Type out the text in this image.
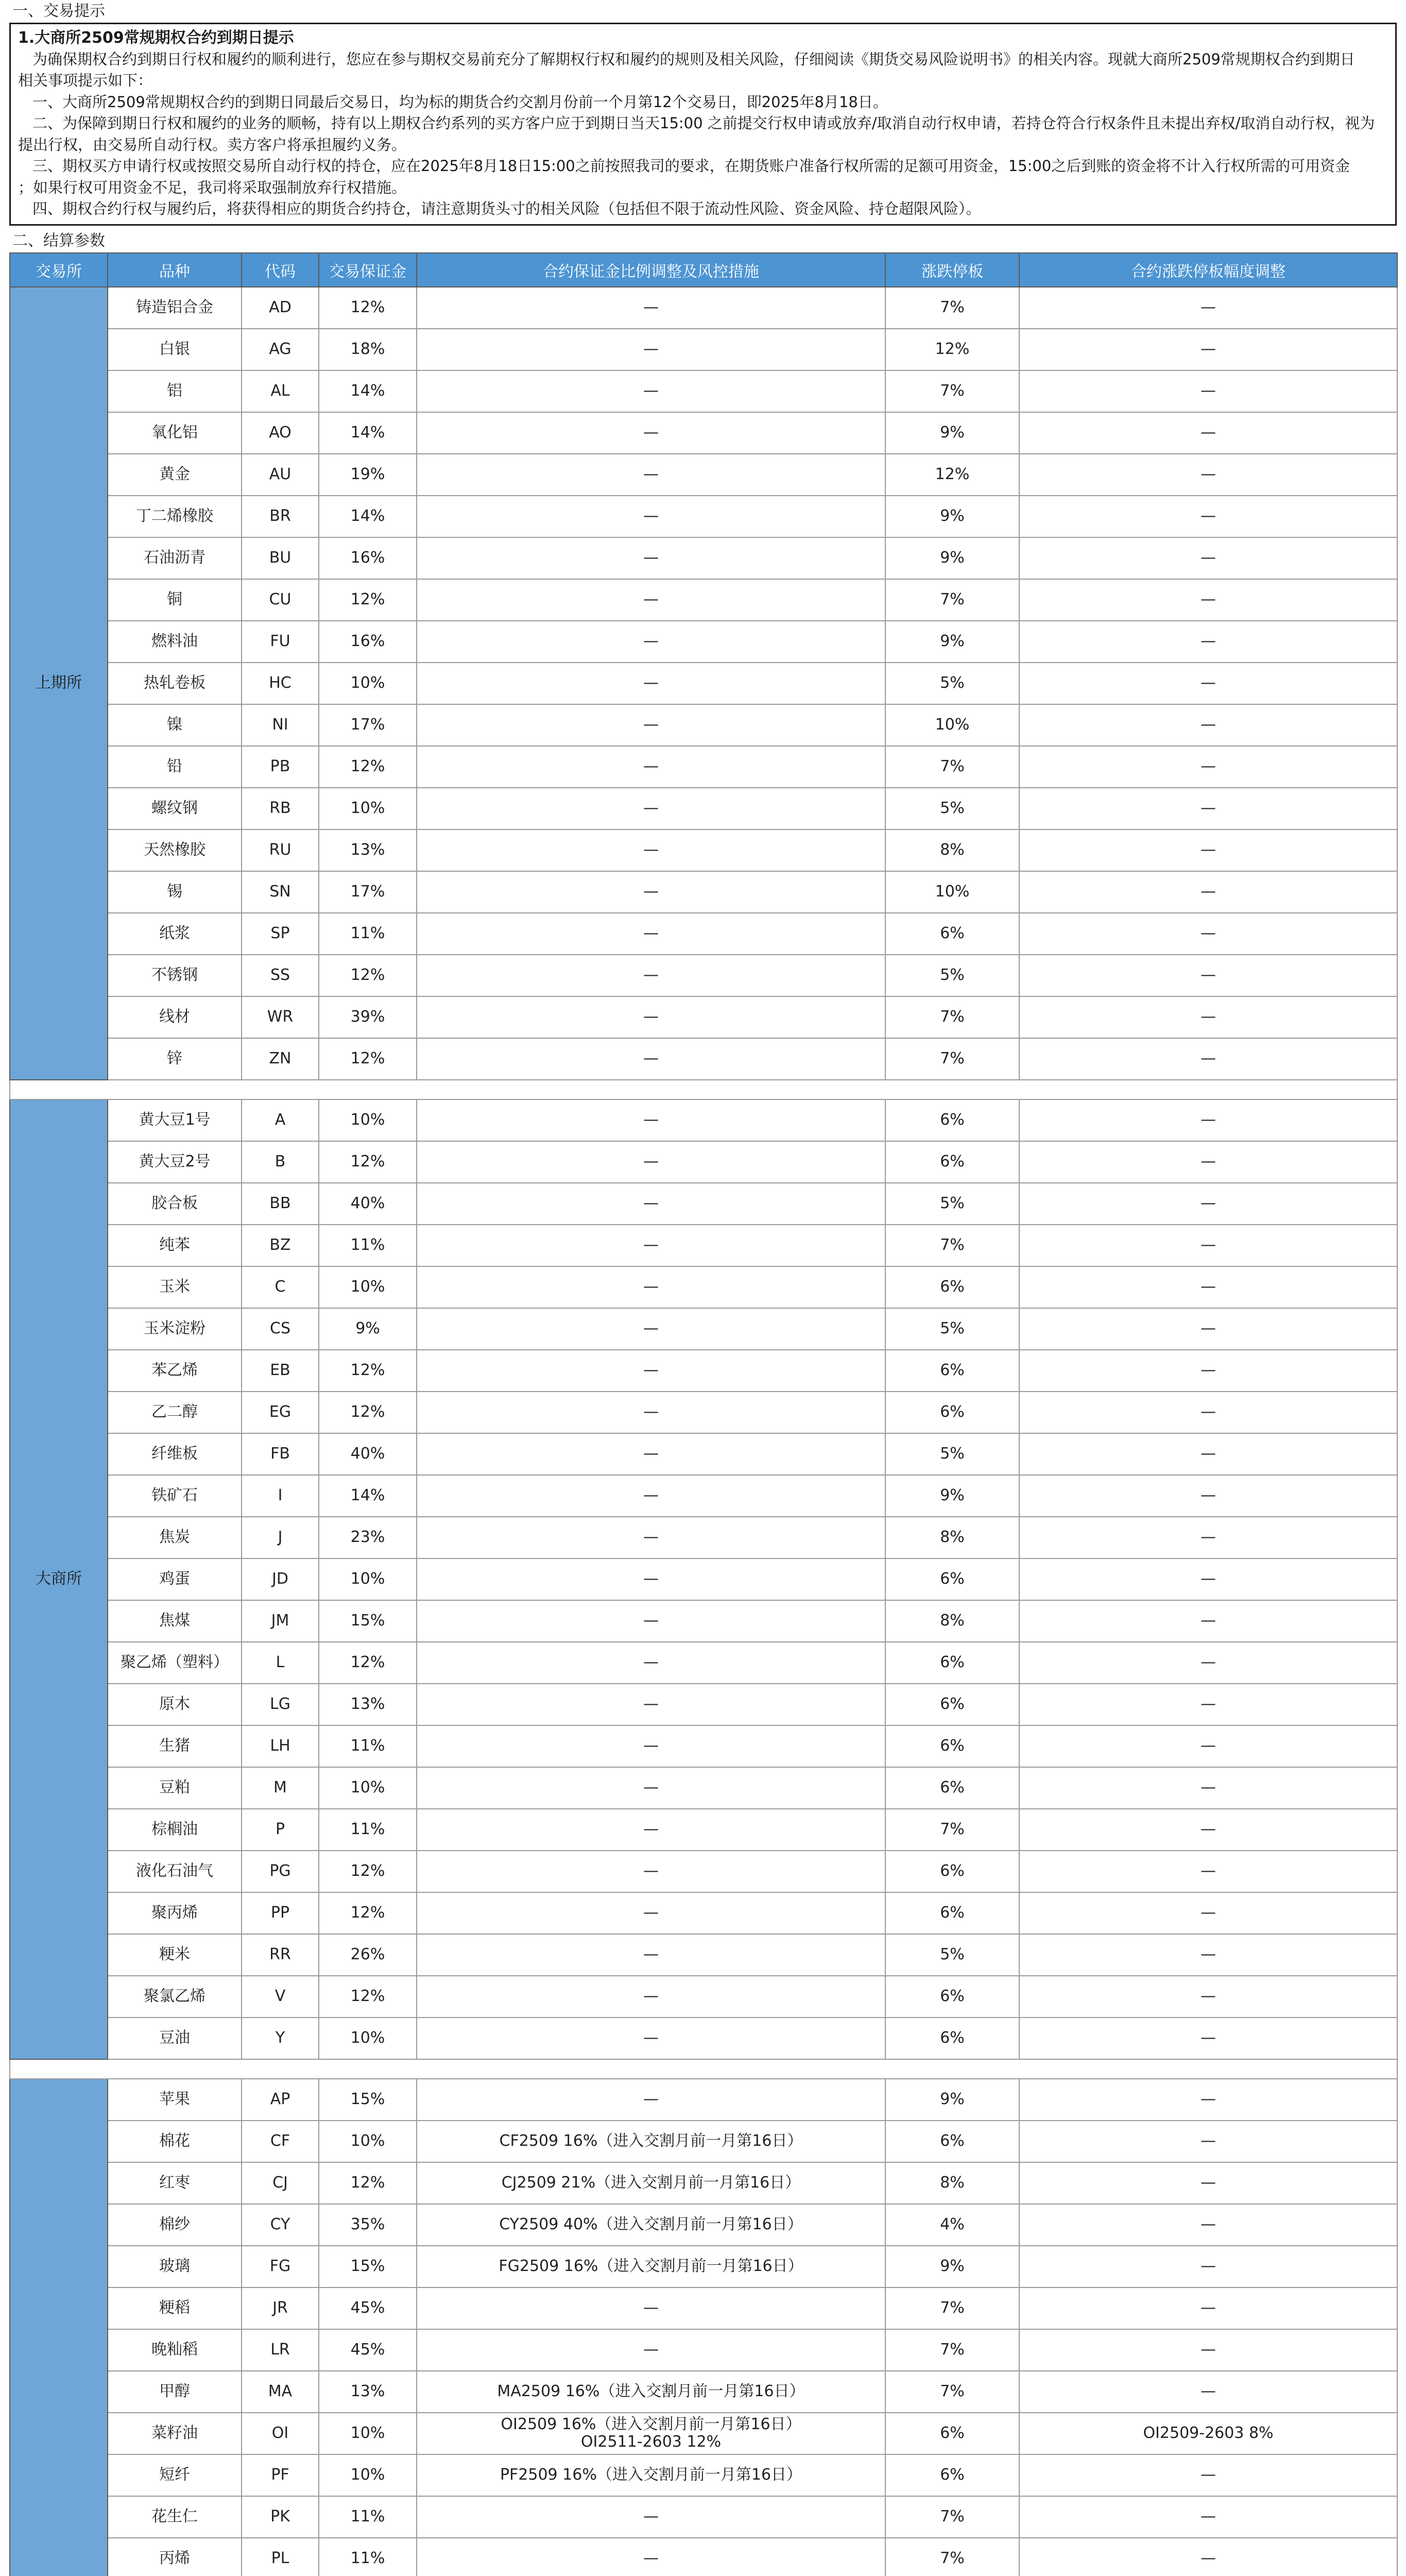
一、交易提示
1.大商所2509常规期权合约到期日提示

为确保期权合约到期日行权和履约的顺利进行，您应在参与期权交易前充分了解期权行权和履约的规则及相关风险，仔细阅读《期货交易风险说明书》的相关内容。现就大商所2509常规期权合约到期日

相关事项提示如下：

一、大商所2509常规期权合约的到期日同最后交易日，均为标的期货合约交割月份前一个月第12个交易日，即2025年8月18日。

二、为保障到期日行权和履约的业务的顺畅，持有以上期权合约系列的买方客户应于到期日当天15:00 之前提交行权申请或放弃/取消自动行权申请，若持仓符合行权条件且未提出弃权/取消自动行权，视为

提出行权，由交易所自动行权。卖方客户将承担履约义务。

三、期权买方申请行权或按照交易所自动行权的持仓，应在2025年8月18日15:00之前按照我司的要求，在期货账户准备行权所需的足额可用资金，15:00之后到账的资金将不计入行权所需的可用资金

；如果行权可用资金不足，我司将采取强制放弃行权措施。

四、期权合约行权与履约后，将获得相应的期货合约持仓，请注意期货头寸的相关风险（包括但不限于流动性风险、资金风险、持仓超限风险）。

二、结算参数
交易所	品种	代码	交易保证金	合约保证金比例调整及风控措施	涨跌停板	合约涨跌停板幅度调整
上期所	铸造铝合金	AD	12%	—	7%	—
	白银	AG	18%	—	12%	—
	铝	AL	14%	—	7%	—
	氧化铝	AO	14%	—	9%	—
	黄金	AU	19%	—	12%	—
	丁二烯橡胶	BR	14%	—	9%	—
	石油沥青	BU	16%	—	9%	—
	铜	CU	12%	—	7%	—
	燃料油	FU	16%	—	9%	—
	热轧卷板	HC	10%	—	5%	—
	镍	NI	17%	—	10%	—
	铅	PB	12%	—	7%	—
	螺纹钢	RB	10%	—	5%	—
	天然橡胶	RU	13%	—	8%	—
	锡	SN	17%	—	10%	—
	纸浆	SP	11%	—	6%	—
	不锈钢	SS	12%	—	5%	—
	线材	WR	39%	—	7%	—
	锌	ZN	12%	—	7%	—

大商所	黄大豆1号	A	10%	—	6%	—
	黄大豆2号	B	12%	—	6%	—
	胶合板	BB	40%	—	5%	—
	纯苯	BZ	11%	—	7%	—
	玉米	C	10%	—	6%	—
	玉米淀粉	CS	9%	—	5%	—
	苯乙烯	EB	12%	—	6%	—
	乙二醇	EG	12%	—	6%	—
	纤维板	FB	40%	—	5%	—
	铁矿石	I	14%	—	9%	—
	焦炭	J	23%	—	8%	—
	鸡蛋	JD	10%	—	6%	—
	焦煤	JM	15%	—	8%	—
	聚乙烯（塑料）	L	12%	—	6%	—
	原木	LG	13%	—	6%	—
	生猪	LH	11%	—	6%	—
	豆粕	M	10%	—	6%	—
	棕榈油	P	11%	—	7%	—
	液化石油气	PG	12%	—	6%	—
	聚丙烯	PP	12%	—	6%	—
	粳米	RR	26%	—	5%	—
	聚氯乙烯	V	12%	—	6%	—
	豆油	Y	10%	—	6%	—

	苹果	AP	15%	—	9%	—
	棉花	CF	10%	CF2509 16%（进入交割月前一月第16日）	6%	—
	红枣	CJ	12%	CJ2509 21%（进入交割月前一月第16日）	8%	—
	棉纱	CY	35%	CY2509 40%（进入交割月前一月第16日）	4%	—
	玻璃	FG	15%	FG2509 16%（进入交割月前一月第16日）	9%	—
	粳稻	JR	45%	—	7%	—
	晚籼稻	LR	45%	—	7%	—
	甲醇	MA	13%	MA2509 16%（进入交割月前一月第16日）	7%	—
	菜籽油	OI	10%	OI2509 16%（进入交割月前一月第16日）
OI2511-2603 12%	6%	OI2509-2603 8%
	短纤	PF	10%	PF2509 16%（进入交割月前一月第16日）	6%	—
	花生仁	PK	11%	—	7%	—
	丙烯	PL	11%	—	7%	—
